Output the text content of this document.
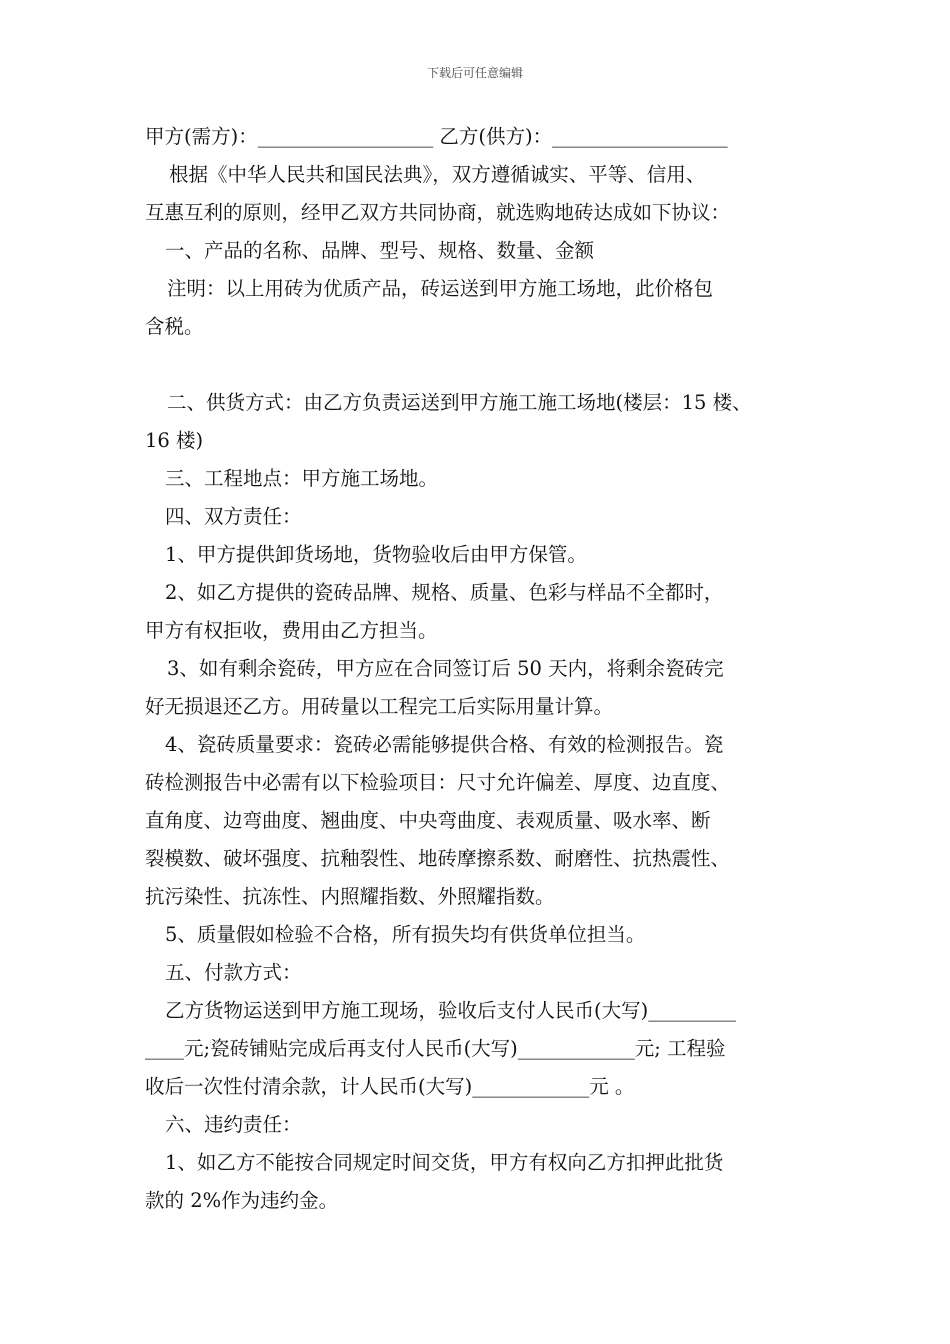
下载后可任意编辑
甲方(需方)：__________________ 乙方(供方)：__________________
根据《中华人民共和国民法典》，双方遵循诚实、平等、信用、
互惠互利的原则，经甲乙双方共同协商，就选购地砖达成如下协议：
一、产品的名称、品牌、型号、规格、数量、金额
注明：以上用砖为优质产品，砖运送到甲方施工场地，此价格包
含税。
二、供货方式：由乙方负责运送到甲方施工施工场地(楼层：15 楼、
16 楼)
三、工程地点：甲方施工场地。
四、双方责任：
1、甲方提供卸货场地，货物验收后由甲方保管。
2、如乙方提供的瓷砖品牌、规格、质量、色彩与样品不全都时，
甲方有权拒收，费用由乙方担当。
3、如有剩余瓷砖，甲方应在合同签订后 50 天内，将剩余瓷砖完
好无损退还乙方。用砖量以工程完工后实际用量计算。
4、瓷砖质量要求：瓷砖必需能够提供合格、有效的检测报告。瓷
砖检测报告中必需有以下检验项目：尺寸允许偏差、厚度、边直度、
直角度、边弯曲度、翘曲度、中央弯曲度、表观质量、吸水率、断
裂模数、破坏强度、抗釉裂性、地砖摩擦系数、耐磨性、抗热震性、
抗污染性、抗冻性、内照耀指数、外照耀指数。
5、质量假如检验不合格，所有损失均有供货单位担当。
五、付款方式：
乙方货物运送到甲方施工现场，验收后支付人民币(大写)_________
____元;瓷砖铺贴完成后再支付人民币(大写)____________元; 工程验
收后一次性付清余款，计人民币(大写)____________元 。
六、违约责任：
1、如乙方不能按合同规定时间交货，甲方有权向乙方扣押此批货
款的 2%作为违约金。
